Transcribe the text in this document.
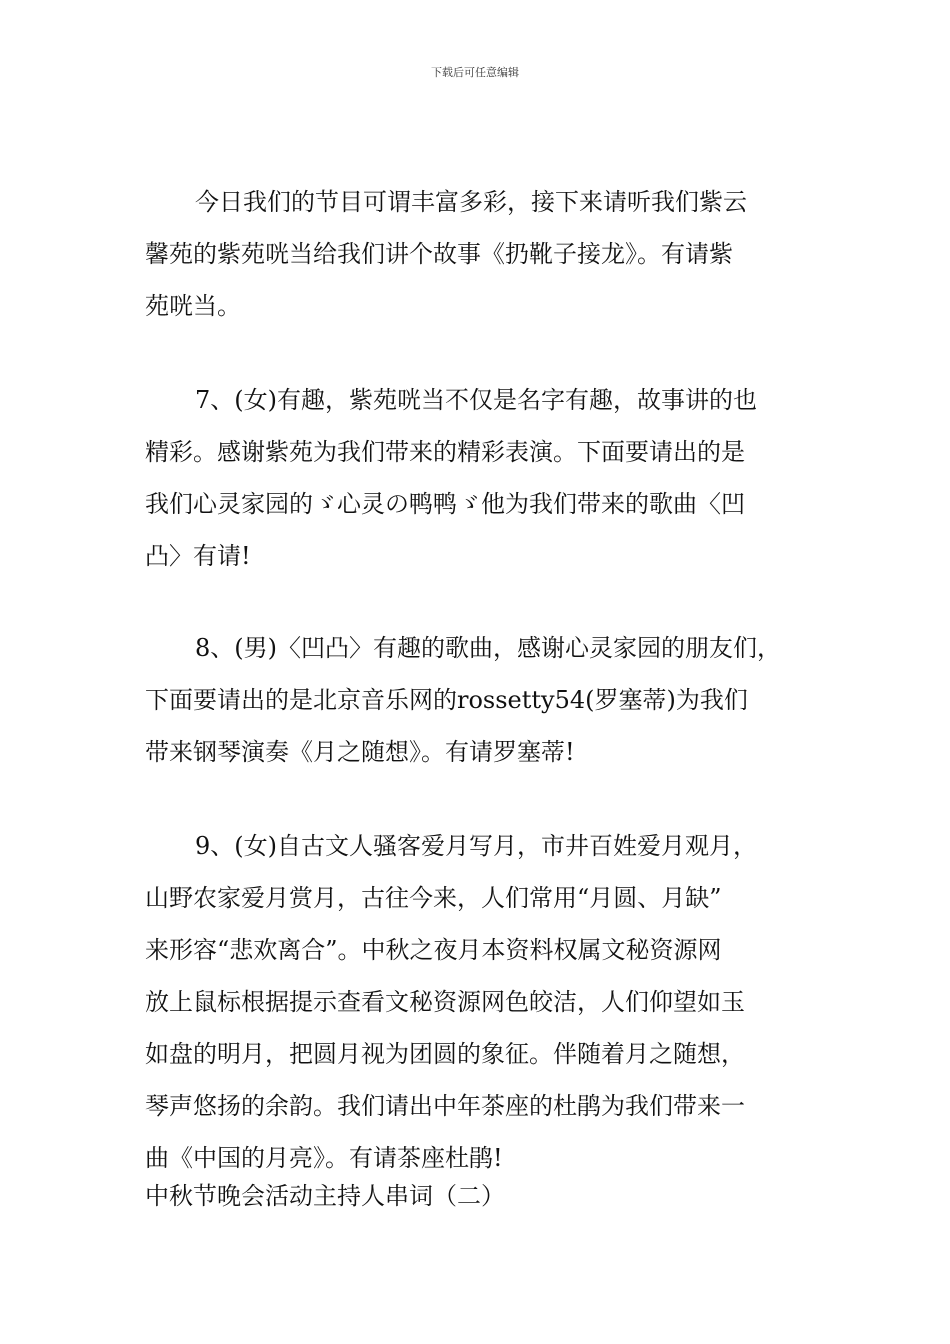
下载后可任意编辑

今日我们的节目可谓丰富多彩，接下来请听我们紫云
馨苑的紫苑咣当给我们讲个故事《扔靴子接龙》。有请紫
苑咣当。

7、(女)有趣，紫苑咣当不仅是名字有趣，故事讲的也
精彩。感谢紫苑为我们带来的精彩表演。下面要请出的是
我们心灵家园的ゞ心灵の鸭鸭ゞ他为我们带来的歌曲〈凹
凸〉有请!

8、(男)〈凹凸〉有趣的歌曲，感谢心灵家园的朋友们，
下面要请出的是北京音乐网的rossetty54(罗塞蒂)为我们
带来钢琴演奏《月之随想》。有请罗塞蒂!

9、(女)自古文人骚客爱月写月，市井百姓爱月观月，
山野农家爱月赏月，古往今来，人们常用“月圆、月缺”
来形容“悲欢离合”。中秋之夜月本资料权属文秘资源网
放上鼠标根据提示查看文秘资源网色皎洁，人们仰望如玉
如盘的明月，把圆月视为团圆的象征。伴随着月之随想，
琴声悠扬的余韵。我们请出中年茶座的杜鹃为我们带来一
曲《中国的月亮》。有请茶座杜鹃!

中秋节晚会活动主持人串词（二）
